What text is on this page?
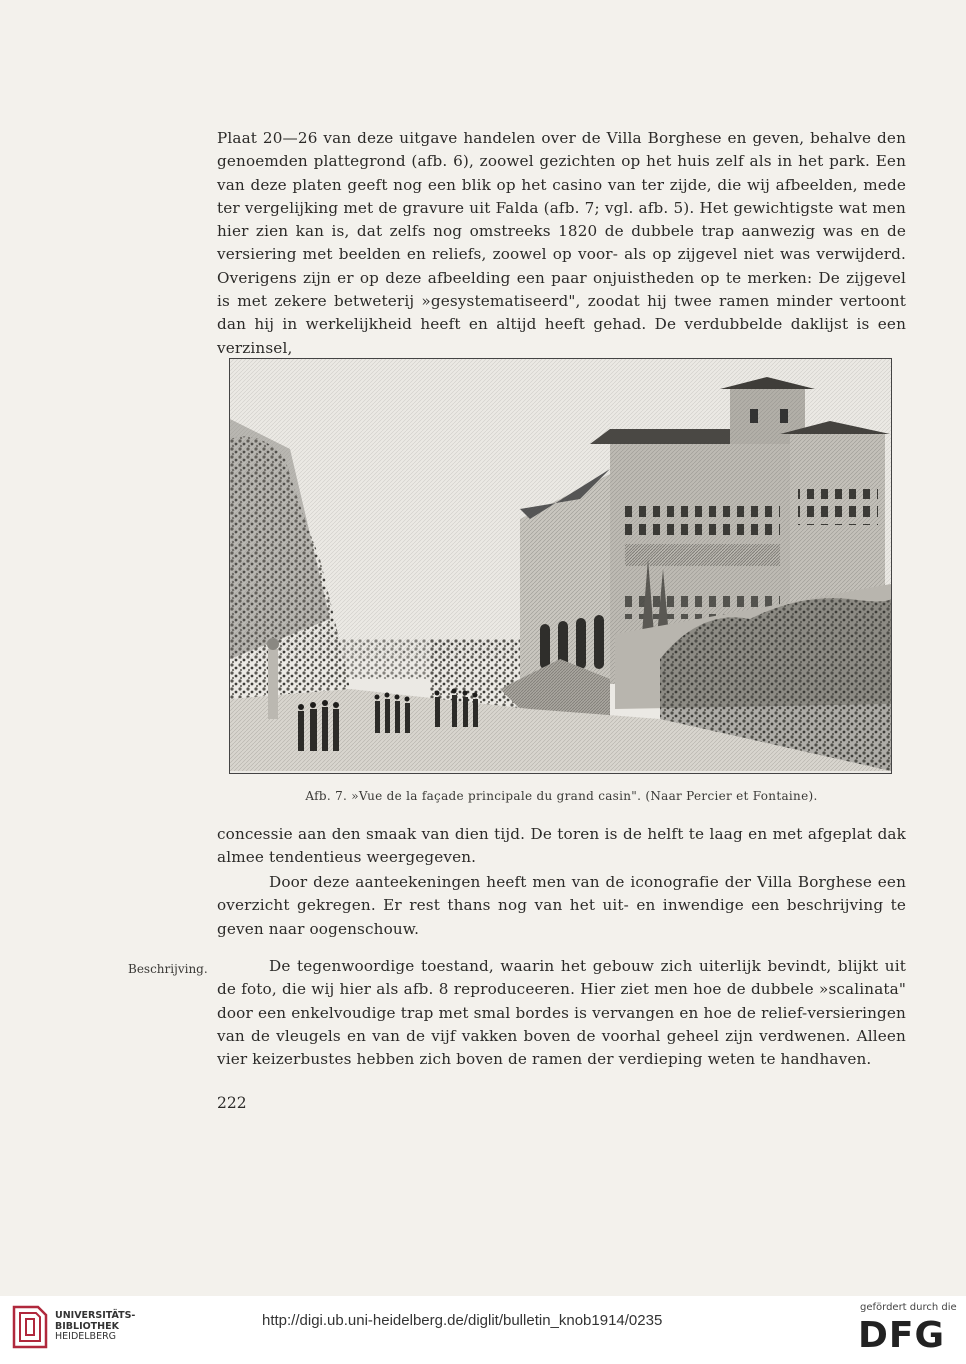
Plaat 20—26 van deze uitgave handelen over de Villa Borghese en geven, behalve den genoemden plattegrond (afb. 6), zoowel gezichten op het huis zelf als in het park. Een van deze platen geeft nog een blik op het casino van ter zijde, die wij afbeelden, mede ter vergelijking met de gravure uit Falda (afb. 7; vgl. afb. 5). Het gewichtigste wat men hier zien kan is, dat zelfs nog omstreeks 1820 de dubbele trap aanwezig was en de versiering met beelden en reliefs, zoowel op voor- als op zijgevel niet was verwijderd. Overigens zijn er op deze afbeelding een paar onjuistheden op te merken: De zijgevel is met zekere betweterij »gesystematiseerd", zoodat hij twee ramen minder vertoont dan hij in werkelijkheid heeft en altijd heeft gehad. De verdubbelde daklijst is een verzinsel,

Afb. 7. »Vue de la façade principale du grand casin". (Naar Percier et Fontaine).

concessie aan den smaak van dien tijd. De toren is de helft te laag en met afgeplat dak almee tendentieus weergegeven.

Door deze aanteekeningen heeft men van de iconografie der Villa Borghese een overzicht gekregen. Er rest thans nog van het uit- en inwendige een beschrijving te geven naar oogenschouw.

Beschrijving.	De tegenwoordige toestand, waarin het gebouw zich uiterlijk bevindt, blijkt uit de foto, die wij hier als afb. 8 reproduceeren. Hier ziet men hoe de dubbele »scalinata" door een enkelvoudige trap met smal bordes is vervangen en hoe de relief-versieringen van de vleugels en van de vijf vakken boven de voorhal geheel zijn verdwenen. Alleen vier keizerbustes hebben zich boven de ramen der verdieping weten te handhaven.

222
UNIVERSITÄTS-
BIBLIOTHEK
HEIDELBERG
http://digi.ub.uni-heidelberg.de/diglit/bulletin_knob1914/0235
gefördert durch die
DFG
